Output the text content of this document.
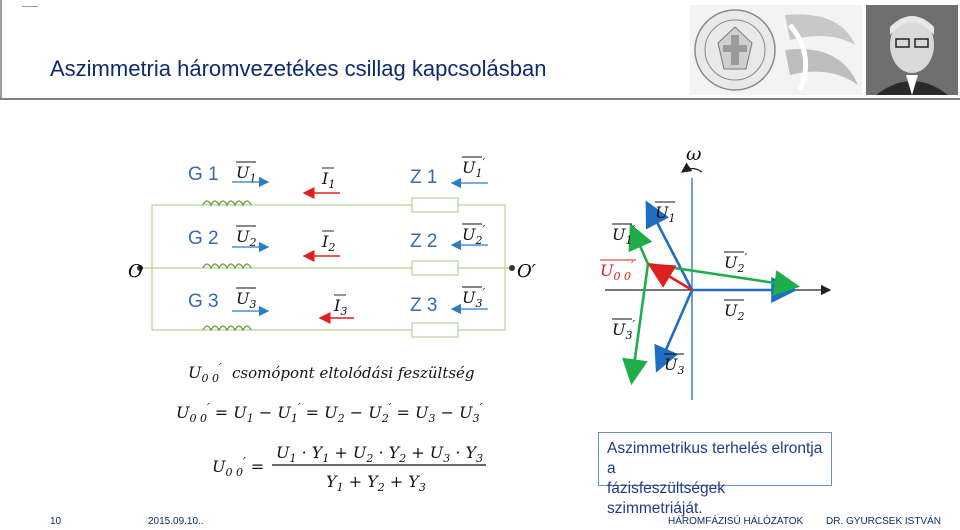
Aszimmetria háromvezetékes csillag kapcsolásban
O	O′
G 1
G 2
G 3
Z 1
Z 2
Z 3
$U_1$
$U_2$
$U_3$
$U_1'$
$U_2'$
$U_3'$
$I_1$
$I_2$
$I_3$
ω
$U_1$
$U_1'$
$U_2'$
$U_2$
$U_3'$
$U_3$
$U_{0 0}'$
$U_{0 0}'$ csomópont eltolódási feszültség
$U_{0 0}' = U_1 - U_1' = U_2 - U_2' = U_3 - U_3'$
$U_{0 0}'$ =
$U_1 \cdot Y_1 + U_2 \cdot Y_2 + U_3 \cdot Y_3$
$Y_1 + Y_2 + Y_3$
Aszimmetrikus terhelés elrontja a
fázisfeszültségek szimmetriáját.
10	2015.09.10..	HÁROMFÁZISÚ HÁLÓZATOK DR. GYURCSEK ISTVÁN
